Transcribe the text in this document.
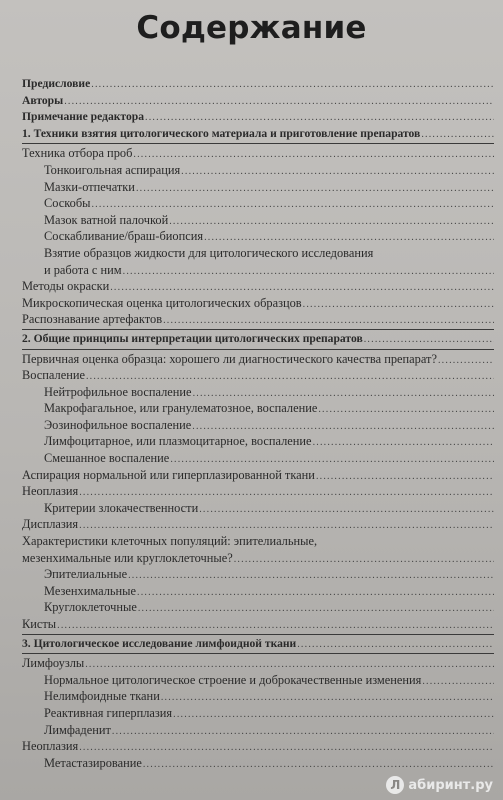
Содержание
Предисловие
.....
Авторы
.....
Примечание редактора
.....
1. Техники взятия цитологического материала и приготовление препаратов
.....
Техника отбора проб
.....
Тонкоигольная аспирация
.....
Мазки-отпечатки
.....
Соскобы
.....
Мазок ватной палочкой
.....
Соскабливание/браш-биопсия
.....
Взятие образцов жидкости для цитологического исследования
и работа с ним
.....
Методы окраски
.....
Микроскопическая оценка цитологических образцов
.....
Распознавание артефактов
.....
2. Общие принципы интерпретации цитологических препаратов
.....
Первичная оценка образца: хорошего ли диагностического качества препарат?
.....
Воспаление
.....
Нейтрофильное воспаление
.....
Макрофагальное, или гранулематозное, воспаление
.....
Эозинофильное воспаление
.....
Лимфоцитарное, или плазмоцитарное, воспаление
.....
Смешанное воспаление
.....
Аспирация нормальной или гиперплазированной ткани
.....
Неоплазия
.....
Критерии злокачественности
.....
Дисплазия
.....
Характеристики клеточных популяций: эпителиальные,
мезенхимальные или круглоклеточные?
.....
Эпителиальные
.....
Мезенхимальные
.....
Круглоклеточные
.....
Кисты
.....
3. Цитологическое исследование лимфоидной ткани
.....
Лимфоузлы
.....
Нормальное цитологическое строение и доброкачественные изменения
.....
Нелимфоидные ткани
.....
Реактивная гиперплазия
.....
Лимфаденит
.....
Неоплазия
.....
Метастазирование
.....
Л абиринт.ру
